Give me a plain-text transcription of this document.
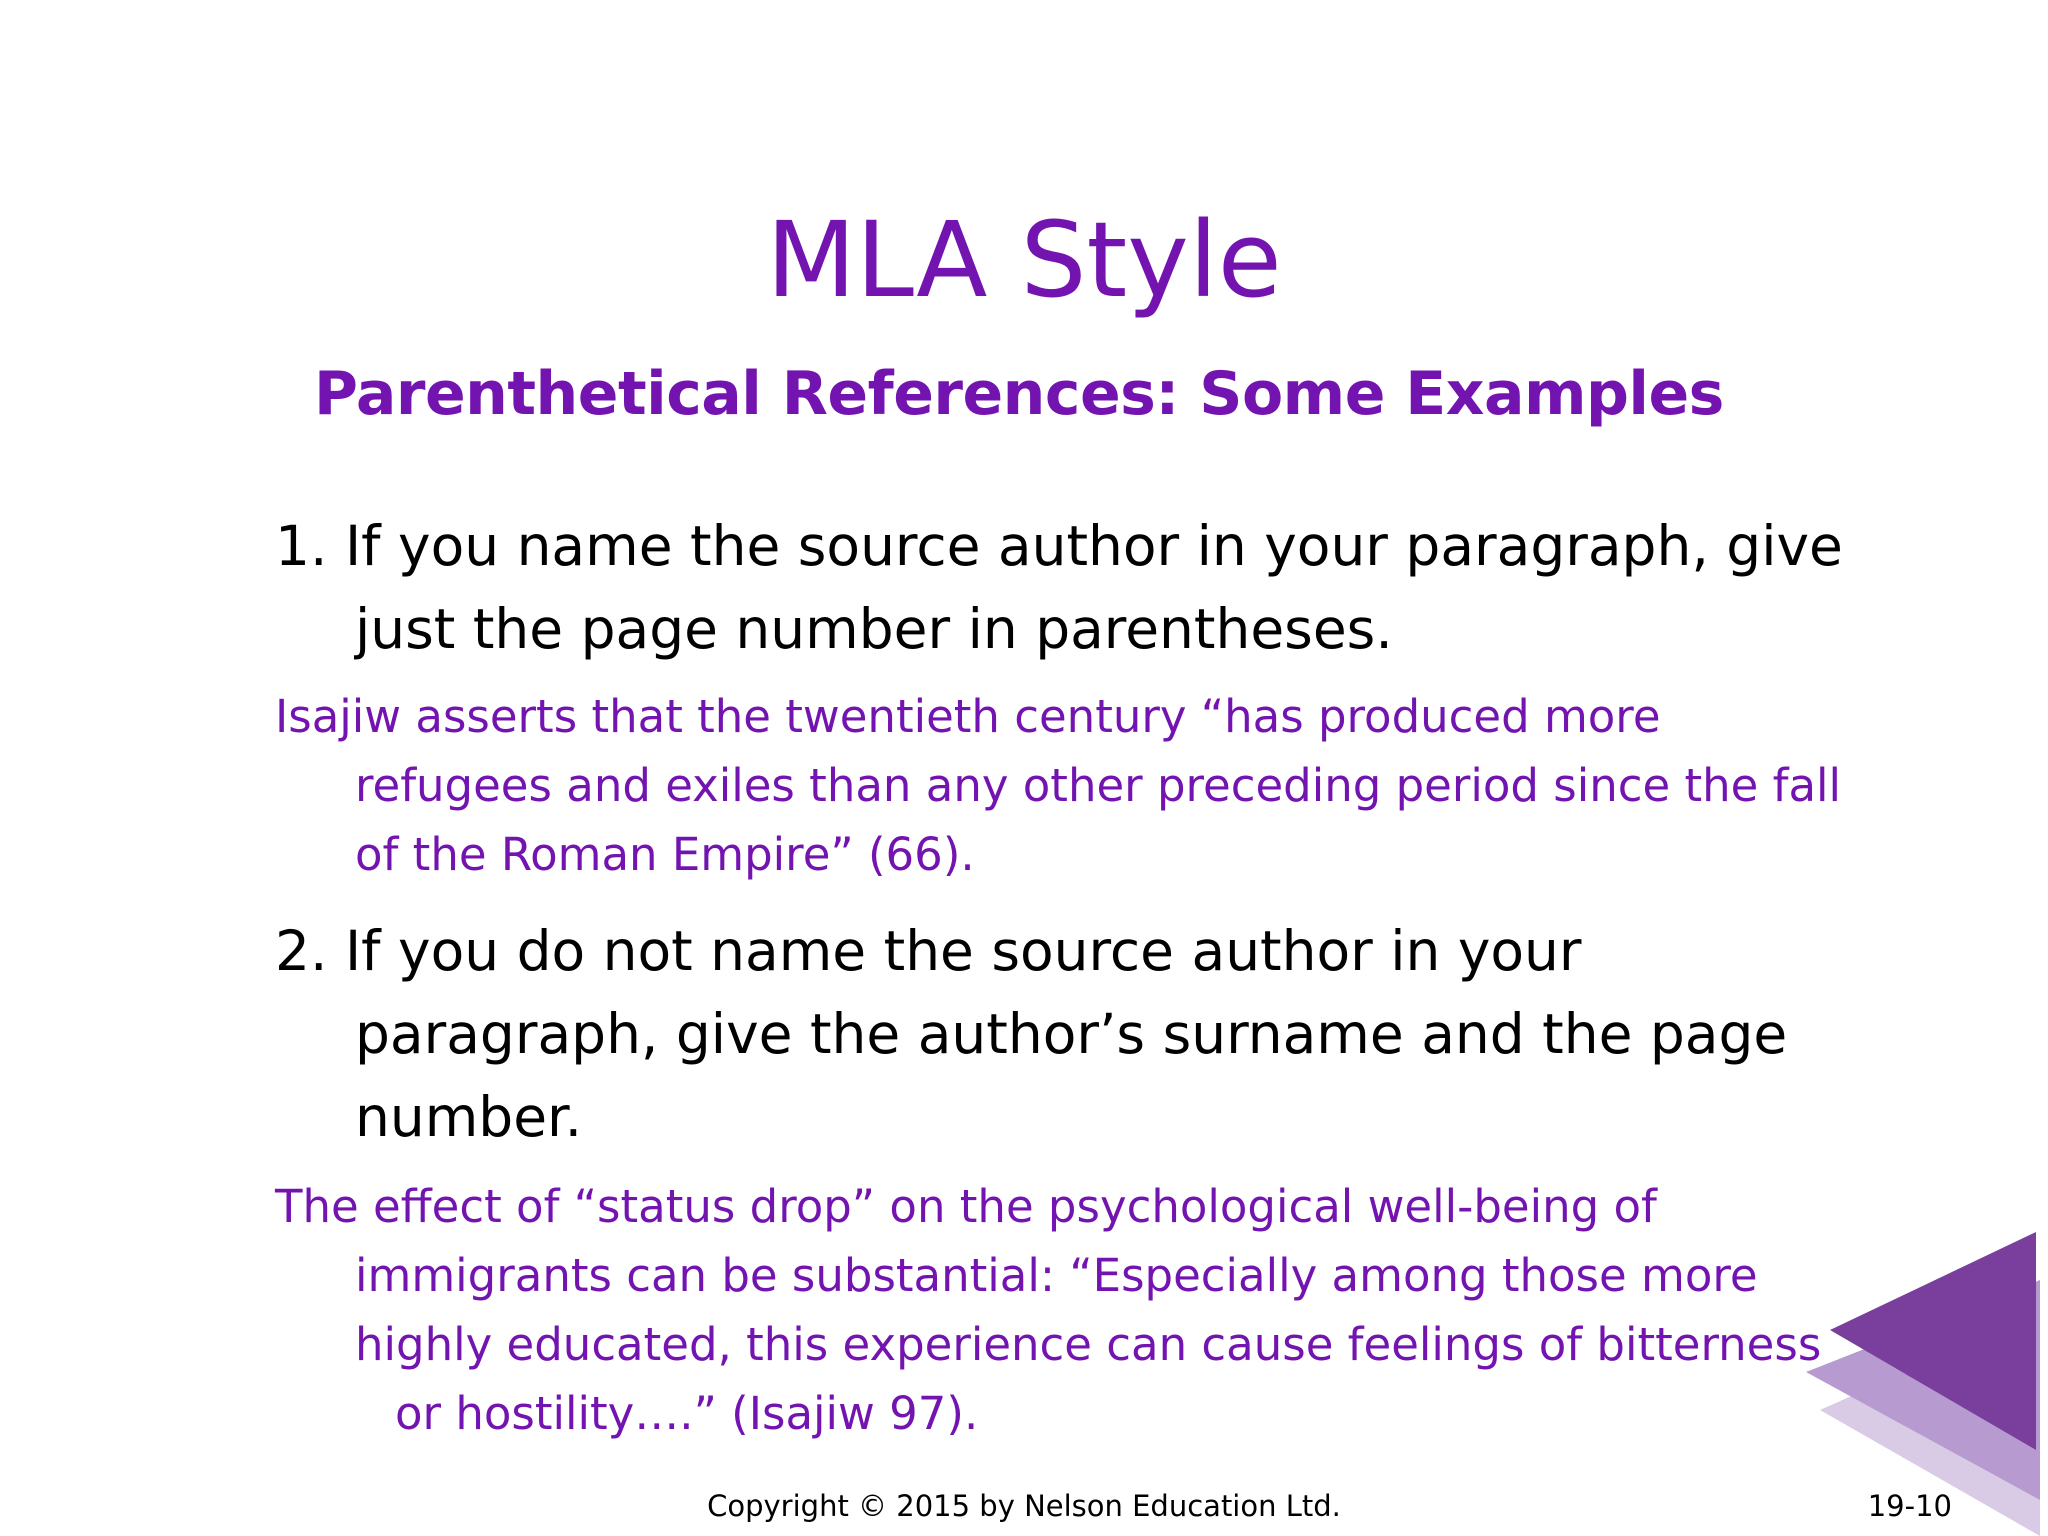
MLA Style
Parenthetical References: Some Examples
1. If you name the source author in your paragraph, give
just the page number in parentheses.
Isajiw asserts that the twentieth century “has produced more
refugees and exiles than any other preceding period since the fall
of the Roman Empire” (66).
2. If you do not name the source author in your
paragraph, give the author’s surname and the page
number.
The effect of “status drop” on the psychological well-being of
immigrants can be substantial: “Especially among those more
highly educated, this experience can cause feelings of bitterness
or hostility….” (Isajiw 97).
Copyright © 2015 by Nelson Education Ltd.	19-10
